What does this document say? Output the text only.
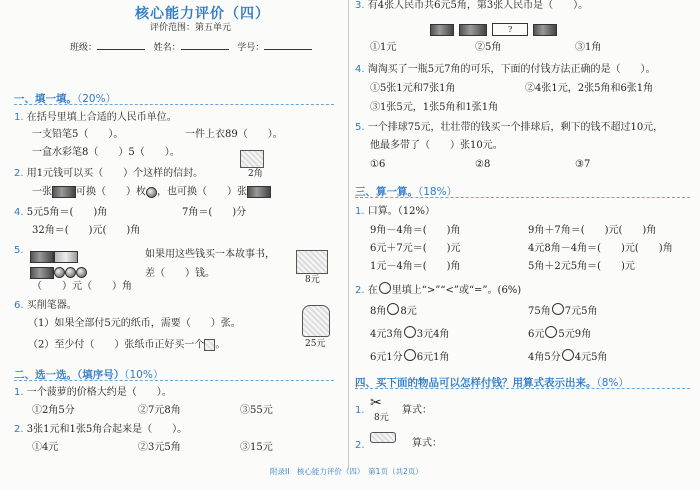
核心能力评价（四）
评价范围：第五单元
班级：	姓名：	学号：
一、填一填。（20%）
1. 在括号里填上合适的人民币单位。
一支铅笔5（　　）。	一件上衣89（　　）。
一盒水彩笔8（　　）5（　　）。
2. 用1元钱可以买（　　）个这样的信封。	2角
一张 可换（　　）枚 ，也可换（　　）张
4. 5元5角＝(　　)角	7角＝(　　)分
32角＝(　　)元(　　)角
5.
（　　）元（　　）角
如果用这些钱买一本故事书，
差（　　）钱。
8元
6. 买削笔器。
（1）如果全部付5元的纸币，需要（　　）张。
（2）至少付（　　）张纸币正好买一个 。	25元
二、选一选。（填序号）（10%）
1. 一个菠萝的价格大约是（　　）。
①2角5分	②7元8角	③55元
2. 3张1元和1张5角合起来是（　　）。
①4元	②3元5角	③15元
3. 有4张人民币共6元5角，第3张人民币是（　　）。
?
①1元	②5角	③1角
4. 淘淘买了一瓶5元7角的可乐，下面的付钱方法正确的是（　　）。
①5张1元和7张1角	②4张1元，2张5角和6张1角
③1张5元，1张5角和1张1角
5. 一个排球75元，壮壮带的钱买一个排球后，剩下的钱不超过10元，
他最多带了（　　）张10元。
①6	②8	③7
三、算一算。（18%）
1. 口算。（12%）
9角－4角＝(　　)角	9角＋7角＝(　　)元(　　)角
6元＋7元＝(　　)元	4元8角－4角＝(　　)元(　　)角
1元－4角＝(　　)角	5角＋2元5角＝(　　)元
2. 在 里填上“>”“<”或“=”。(6%)
8角 8元	75角 7元5角
4元3角 3元4角	6元 5元9角
6元1分 6元1角	4角5分 4元5角
四、买下面的物品可以怎样付钱？用算式表示出来。（8%）
1. ✂
8元
算式：
2.	算式：
附录II　核心能力评价（四）　第1页（共2页）
